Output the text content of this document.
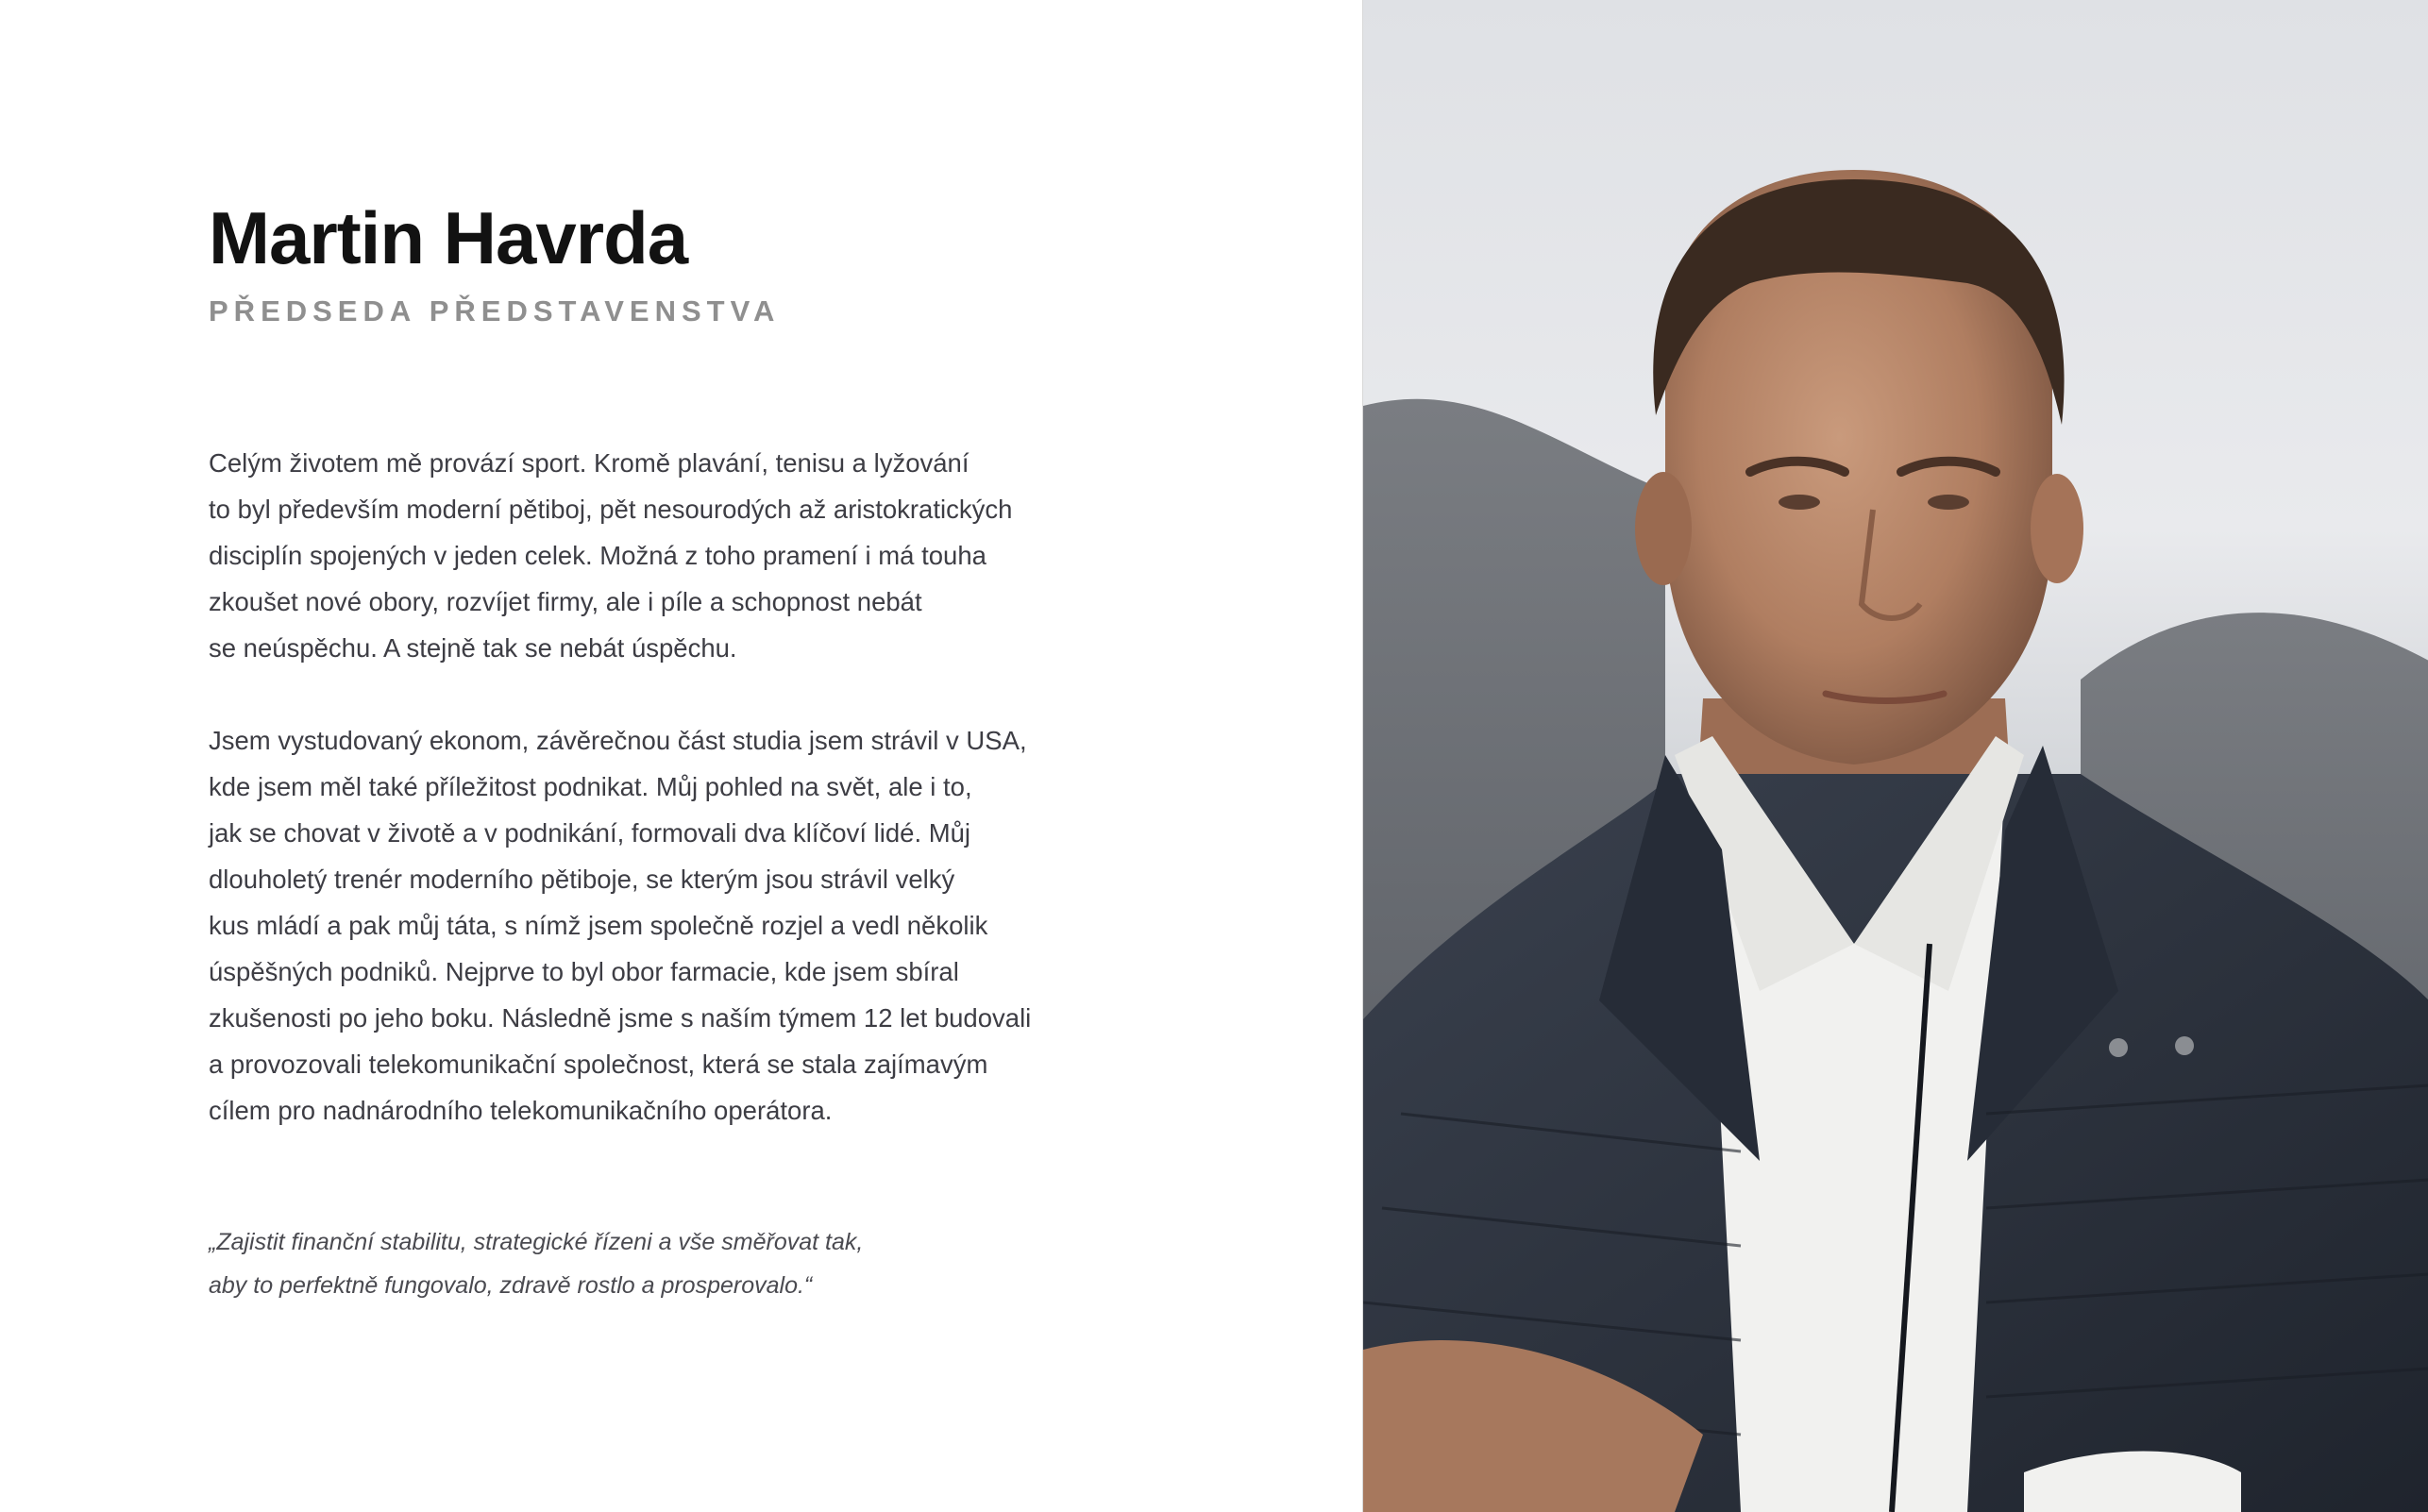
Martin Havrda
PŘEDSEDA PŘEDSTAVENSTVA

Celým životem mě provází sport. Kromě plavání, tenisu a lyžování
to byl především moderní pětiboj, pět nesourodých až aristokratických
disciplín spojených v jeden celek. Možná z toho pramení i má touha
zkoušet nové obory, rozvíjet firmy, ale i píle a schopnost nebát
se neúspěchu. A stejně tak se nebát úspěchu.

Jsem vystudovaný ekonom, závěrečnou část studia jsem strávil v USA,
kde jsem měl také příležitost podnikat. Můj pohled na svět, ale i to,
jak se chovat v životě a v podnikání, formovali dva klíčoví lidé. Můj
dlouholetý trenér moderního pětiboje, se kterým jsou strávil velký
kus mládí a pak můj táta, s nímž jsem společně rozjel a vedl několik
úspěšných podniků. Nejprve to byl obor farmacie, kde jsem sbíral
zkušenosti po jeho boku. Následně jsme s naším týmem 12 let budovali
a provozovali telekomunikační společnost, která se stala zajímavým
cílem pro nadnárodního telekomunikačního operátora.

„Zajistit finanční stabilitu, strategické řízeni a vše směřovat tak,
aby to perfektně fungovalo, zdravě rostlo a prosperovalo.“
